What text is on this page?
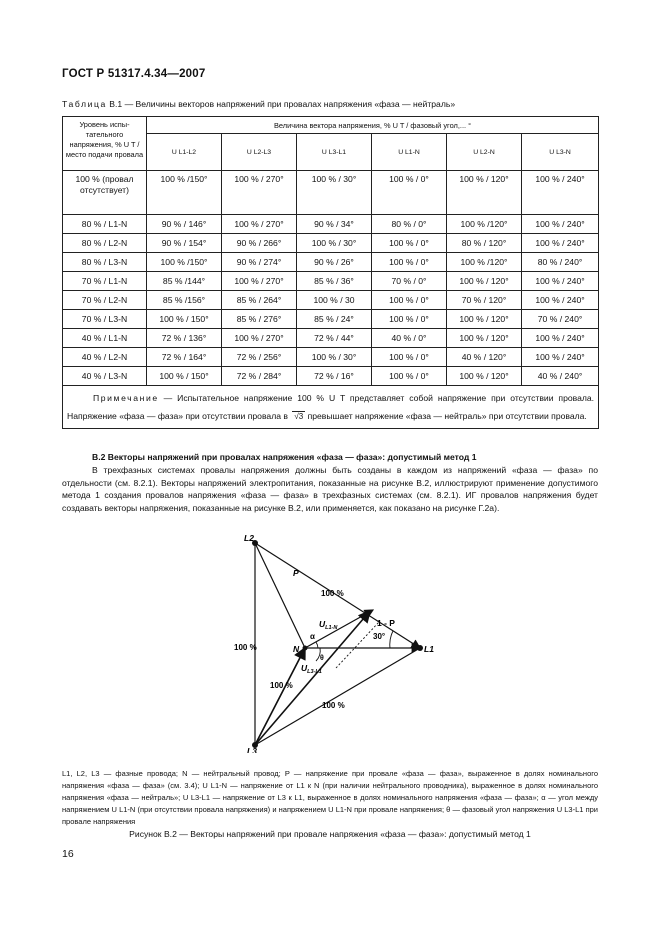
ГОСТ Р 51317.4.34—2007
Таблица В.1 — Величины векторов напряжений при провалах напряжения «фаза — нейтраль»
Уровень испы-тательного напряжения, % U T / место подачи провала	Величина вектора напряжения, % U T / фазовый угол,... °					
	U L1-L2	U L2-L3	U L3-L1	U L1-N	U L2-N	U L3-N
100 % (провал отсутствует)	100 % /150°	100 % / 270°	100 % / 30°	100 % / 0°	100 % / 120°	100 % / 240°
80 % / L1-N	90 % / 146°	100 % / 270°	90 % / 34°	80 % / 0°	100 % /120°	100 % / 240°
80 % / L2-N	90 % / 154°	90 % / 266°	100 % / 30°	100 % / 0°	80 % / 120°	100 % / 240°
80 % / L3-N	100 % /150°	90 % / 274°	90 % / 26°	100 % / 0°	100 % /120°	80 % / 240°
70 % / L1-N	85 % /144°	100 % / 270°	85 % / 36°	70 % / 0°	100 % / 120°	100 % / 240°
70 % / L2-N	85 % /156°	85 % / 264°	100 % / 30	100 % / 0°	70 % / 120°	100 % / 240°
70 % / L3-N	100 % / 150°	85 % / 276°	85 % / 24°	100 % / 0°	100 % / 120°	70 % / 240°
40 % / L1-N	72 % / 136°	100 % / 270°	72 % / 44°	40 % / 0°	100 % / 120°	100 % / 240°
40 % / L2-N	72 % / 164°	72 % / 256°	100 % / 30°	100 % / 0°	40 % / 120°	100 % / 240°
40 % / L3-N	100 % / 150°	72 % / 284°	72 % / 16°	100 % / 0°	100 % / 120°	40 % / 240°
Примечание — Испытательное напряжение 100 % U T представляет собой напряжение при отсутствии провала. Напряжение «фаза — фаза» при отсутствии провала в √3 превышает напряжение «фаза — нейтраль» при отсутствии провала.						
В.2 Векторы напряжений при провалах напряжения «фаза — фаза»: допустимый метод 1
В трехфазных системах провалы напряжения должны быть созданы в каждом из напряжений «фаза — фаза» по отдельности (см. 8.2.1). Векторы напряжений электропитания, показанные на рисунке В.2, иллюстрируют применение допустимого метода 1 создания провалов напряжения «фаза — фаза» в трехфазных системах (см. 8.2.1). ИГ провалов напряжения будет создавать векторы напряжения, показанные на рисунке В.2, или применяется, как показано на рисунке Г.2а).
L2
L3
L1
N
P
1 - P
100 %
100 %
100 %
100 %
30°
α
θ
$U_{L1-N}$
$U_{L3-L1}$
L1, L2, L3 — фазные провода; N — нейтральный провод; P — напряжение при провале «фаза — фаза», выраженное в долях номинального напряжения «фаза — фаза» (см. 3.4); U L1-N — напряжение от L1 к N (при наличии нейтрального проводника), выраженное в долях номинального напряжения «фаза — нейтраль»; U L3-L1 — напряжение от L3 к L1, выраженное в долях номинального напряжения «фаза — фаза»; α — угол между напряжением U L1-N (при отсутствии провала напряжения) и напряжением U L1-N при провале напряжения; θ — фазовый угол напряжения U L3-L1 при провале напряжения
Рисунок В.2 — Векторы напряжений при провале напряжения «фаза — фаза»: допустимый метод 1
16
